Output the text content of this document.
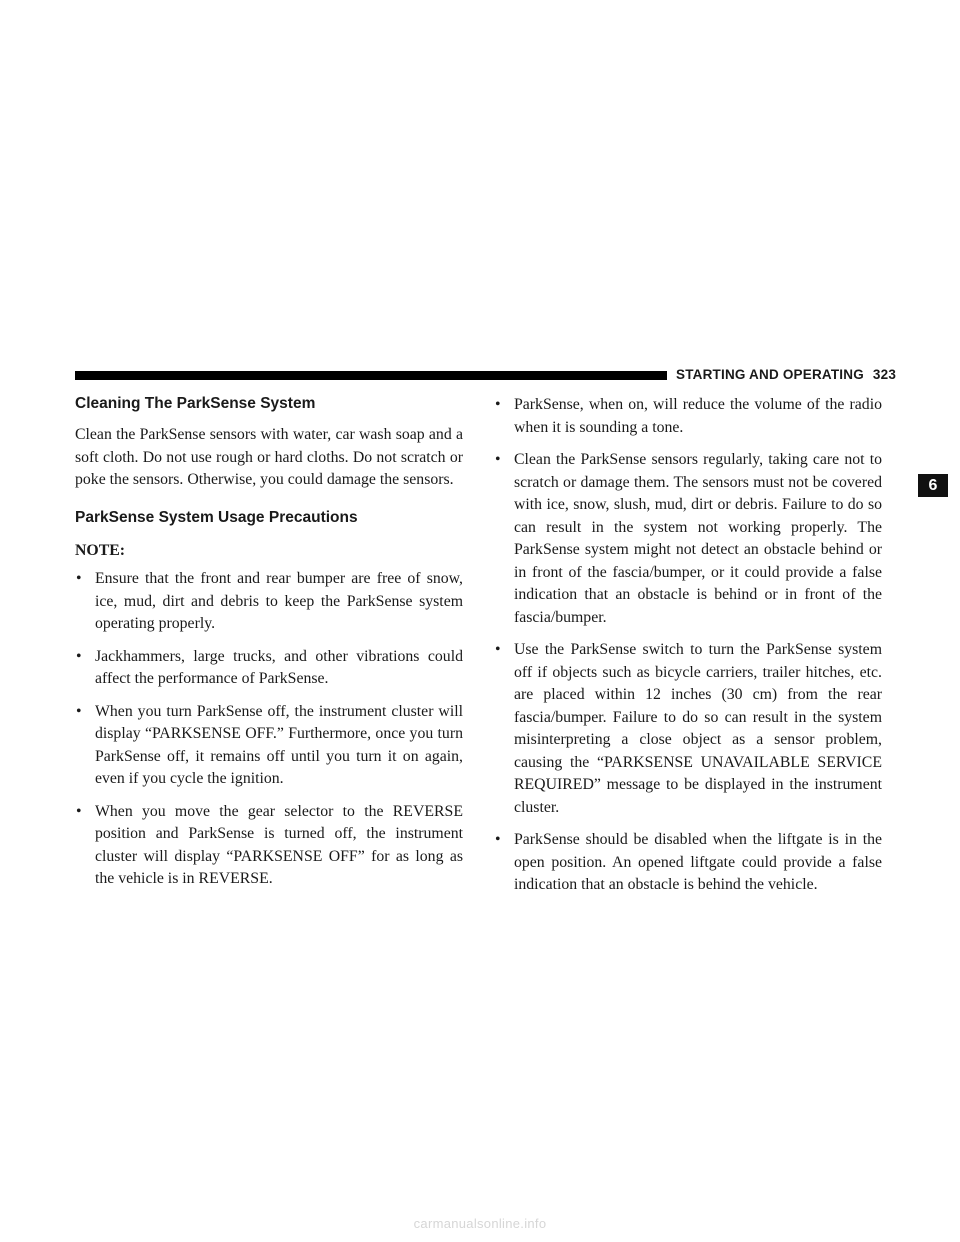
STARTING AND OPERATING 323
Cleaning The ParkSense System

Clean the ParkSense sensors with water, car wash soap and a soft cloth. Do not use rough or hard cloths. Do not scratch or poke the sensors. Otherwise, you could damage the sensors.

ParkSense System Usage Precautions
NOTE:
• Ensure that the front and rear bumper are free of snow, ice, mud, dirt and debris to keep the ParkSense system operating properly.
• Jackhammers, large trucks, and other vibrations could affect the performance of ParkSense.
• When you turn ParkSense off, the instrument cluster will display “PARKSENSE OFF.” Furthermore, once you turn ParkSense off, it remains off until you turn it on again, even if you cycle the ignition.
• When you move the gear selector to the REVERSE position and ParkSense is turned off, the instrument cluster will display “PARKSENSE OFF” for as long as the vehicle is in REVERSE.
• ParkSense, when on, will reduce the volume of the radio when it is sounding a tone.
• Clean the ParkSense sensors regularly, taking care not to scratch or damage them. The sensors must not be covered with ice, snow, slush, mud, dirt or debris. Failure to do so can result in the system not working properly. The ParkSense system might not detect an obstacle behind or in front of the fascia/bumper, or it could provide a false indication that an obstacle is behind or in front of the fascia/bumper.
• Use the ParkSense switch to turn the ParkSense system off if objects such as bicycle carriers, trailer hitches, etc. are placed within 12 inches (30 cm) from the rear fascia/bumper. Failure to do so can result in the system misinterpreting a close object as a sensor problem, causing the “PARKSENSE UNAVAILABLE SERVICE REQUIRED” message to be displayed in the instrument cluster.
• ParkSense should be disabled when the liftgate is in the open position. An opened liftgate could provide a false indication that an obstacle is behind the vehicle.
6
carmanualsonline.info
